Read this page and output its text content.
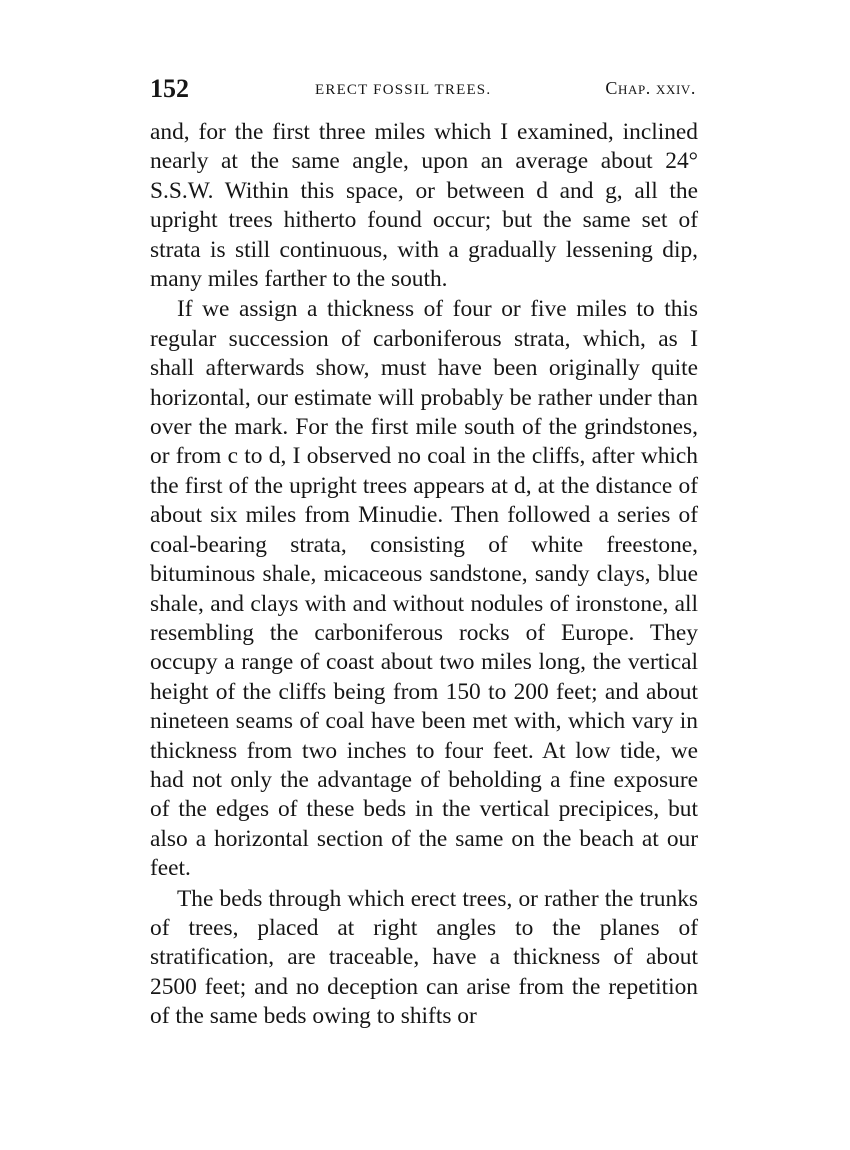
152	ERECT FOSSIL TREES.	Chap. xxiv.

and, for the first three miles which I examined, inclined nearly at the same angle, upon an average about 24° S.S.W. Within this space, or between d and g, all the upright trees hitherto found occur; but the same set of strata is still continuous, with a gradually lessening dip, many miles farther to the south.

If we assign a thickness of four or five miles to this regular succession of carboniferous strata, which, as I shall afterwards show, must have been originally quite horizontal, our estimate will probably be rather under than over the mark. For the first mile south of the grindstones, or from c to d, I observed no coal in the cliffs, after which the first of the upright trees appears at d, at the distance of about six miles from Minudie. Then followed a series of coal-bearing strata, consisting of white freestone, bituminous shale, micaceous sandstone, sandy clays, blue shale, and clays with and without nodules of ironstone, all resembling the carboniferous rocks of Europe. They occupy a range of coast about two miles long, the vertical height of the cliffs being from 150 to 200 feet; and about nineteen seams of coal have been met with, which vary in thickness from two inches to four feet. At low tide, we had not only the advantage of beholding a fine exposure of the edges of these beds in the vertical precipices, but also a horizontal section of the same on the beach at our feet.

The beds through which erect trees, or rather the trunks of trees, placed at right angles to the planes of stratification, are traceable, have a thickness of about 2500 feet; and no deception can arise from the repetition of the same beds owing to shifts or
